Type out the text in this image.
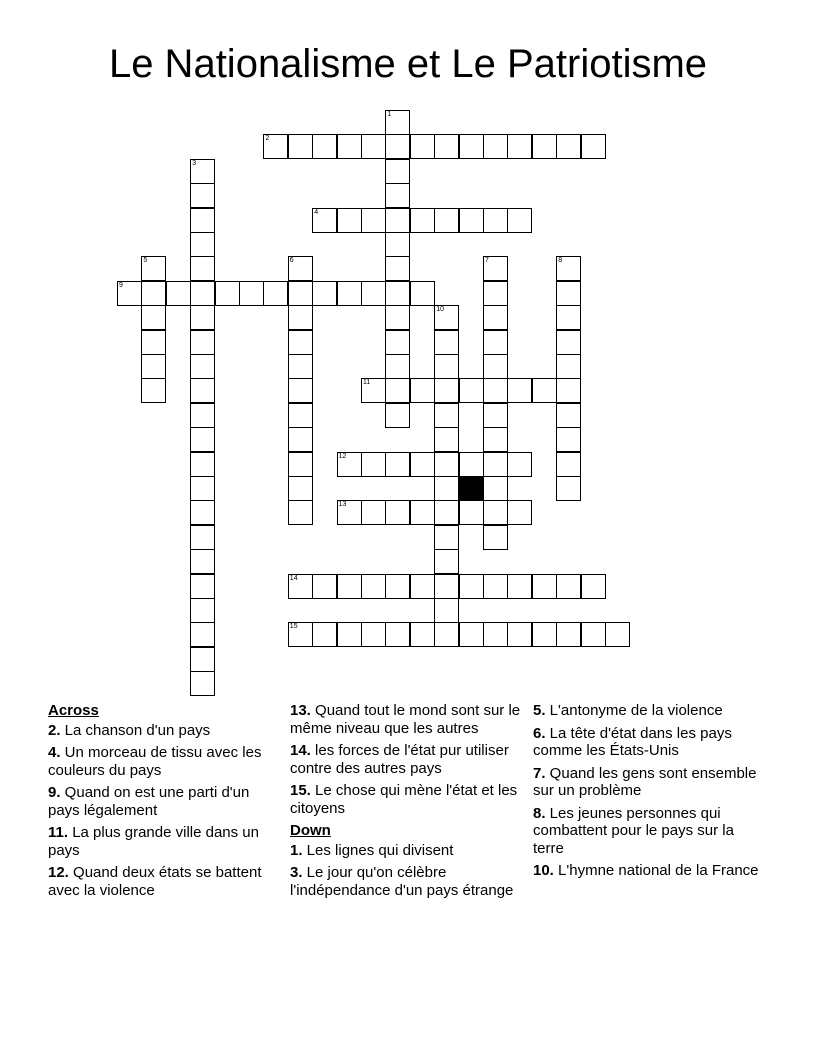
Le Nationalisme et Le Patriotisme
1
2
3
4
5	6	7	8
9
10
11
12
13
14
15
Across
2. La chanson d'un pays
4. Un morceau de tissu avec les couleurs du pays
9. Quand on est une parti d'un pays légalement
11. La plus grande ville dans un pays
12. Quand deux états se battent avec la violence
13. Quand tout le mond sont sur le même niveau que les autres
14. les forces de l'état pur utiliser contre des autres pays
15. Le chose qui mène l'état et les citoyens
Down
1. Les lignes qui divisent
3. Le jour qu'on célèbre l'indépendance d'un pays étrange
5. L'antonyme de la violence
6. La tête d'état dans les pays comme les États-Unis
7. Quand les gens sont ensemble sur un problème
8. Les jeunes personnes qui combattent pour le pays sur la terre
10. L'hymne national de la France
